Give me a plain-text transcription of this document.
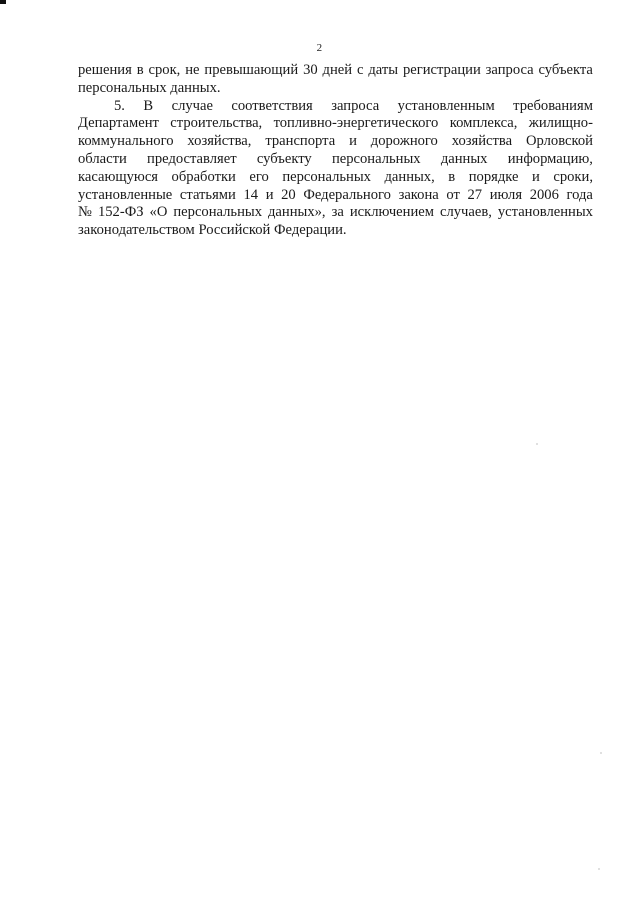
2
решения в срок, не превышающий 30 дней с даты регистрации запроса субъекта
персональных данных.
5. В случае соответствия запроса установленным требованиям
Департамент строительства, топливно-энергетического комплекса, жилищно-
коммунального хозяйства, транспорта и дорожного хозяйства Орловской
области предоставляет субъекту персональных данных информацию,
касающуюся обработки его персональных данных, в порядке и сроки,
установленные статьями 14 и 20 Федерального закона от 27 июля 2006 года
№ 152-ФЗ «О персональных данных», за исключением случаев, установленных
законодательством Российской Федерации.
